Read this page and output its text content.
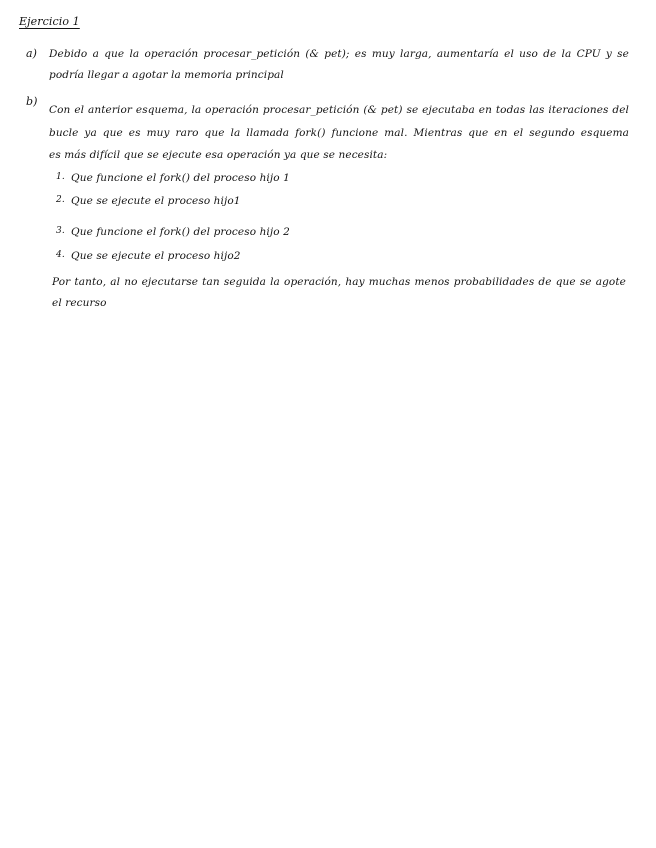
Ejercicio 1
a) Debido a que la operación procesar_petición (& pet); es muy larga, aumentaría el uso de la CPU y se
podría llegar a agotar la memoria principal
b)
Con el anterior esquema, la operación procesar_petición (& pet) se ejecutaba en todas las iteraciones del
bucle ya que es muy raro que la llamada fork() funcione mal. Mientras que en el segundo esquema
es más difícil que se ejecute esa operación ya que se necesita:
1. Que funcione el fork() del proceso hijo 1
2. Que se ejecute el proceso hijo1
3. Que funcione el fork() del proceso hijo 2
4. Que se ejecute el proceso hijo2
Por tanto, al no ejecutarse tan seguida la operación, hay muchas menos probabilidades de que se agote
el recurso
